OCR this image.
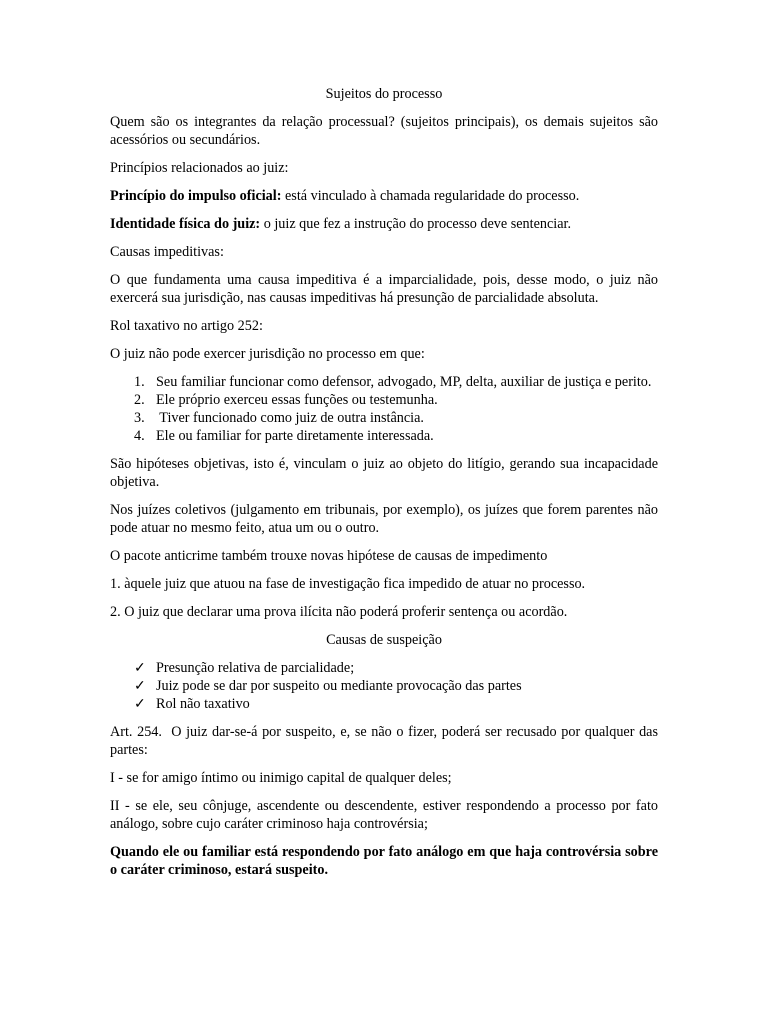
Sujeitos do processo

Quem são os integrantes da relação processual? (sujeitos principais), os demais sujeitos são acessórios ou secundários.

Princípios relacionados ao juiz:

Princípio do impulso oficial: está vinculado à chamada regularidade do processo.

Identidade física do juiz: o juiz que fez a instrução do processo deve sentenciar.

Causas impeditivas:

O que fundamenta uma causa impeditiva é a imparcialidade, pois, desse modo, o juiz não exercerá sua jurisdição, nas causas impeditivas há presunção de parcialidade absoluta.

Rol taxativo no artigo 252:

O juiz não pode exercer jurisdição no processo em que:

1. Seu familiar funcionar como defensor, advogado, MP, delta, auxiliar de justiça e perito.
2. Ele próprio exerceu essas funções ou testemunha.
3. Tiver funcionado como juiz de outra instância.
4. Ele ou familiar for parte diretamente interessada.

São hipóteses objetivas, isto é, vinculam o juiz ao objeto do litígio, gerando sua incapacidade objetiva.

Nos juízes coletivos (julgamento em tribunais, por exemplo), os juízes que forem parentes não pode atuar no mesmo feito, atua um ou o outro.

O pacote anticrime também trouxe novas hipótese de causas de impedimento

1. àquele juiz que atuou na fase de investigação fica impedido de atuar no processo.

2. O juiz que declarar uma prova ilícita não poderá proferir sentença ou acordão.

Causas de suspeição

✓ Presunção relativa de parcialidade;
✓ Juiz pode se dar por suspeito ou mediante provocação das partes
✓ Rol não taxativo

Art. 254.  O juiz dar-se-á por suspeito, e, se não o fizer, poderá ser recusado por qualquer das partes:

I - se for amigo íntimo ou inimigo capital de qualquer deles;

II - se ele, seu cônjuge, ascendente ou descendente, estiver respondendo a processo por fato análogo, sobre cujo caráter criminoso haja controvérsia;

Quando ele ou familiar está respondendo por fato análogo em que haja controvérsia sobre o caráter criminoso, estará suspeito.
